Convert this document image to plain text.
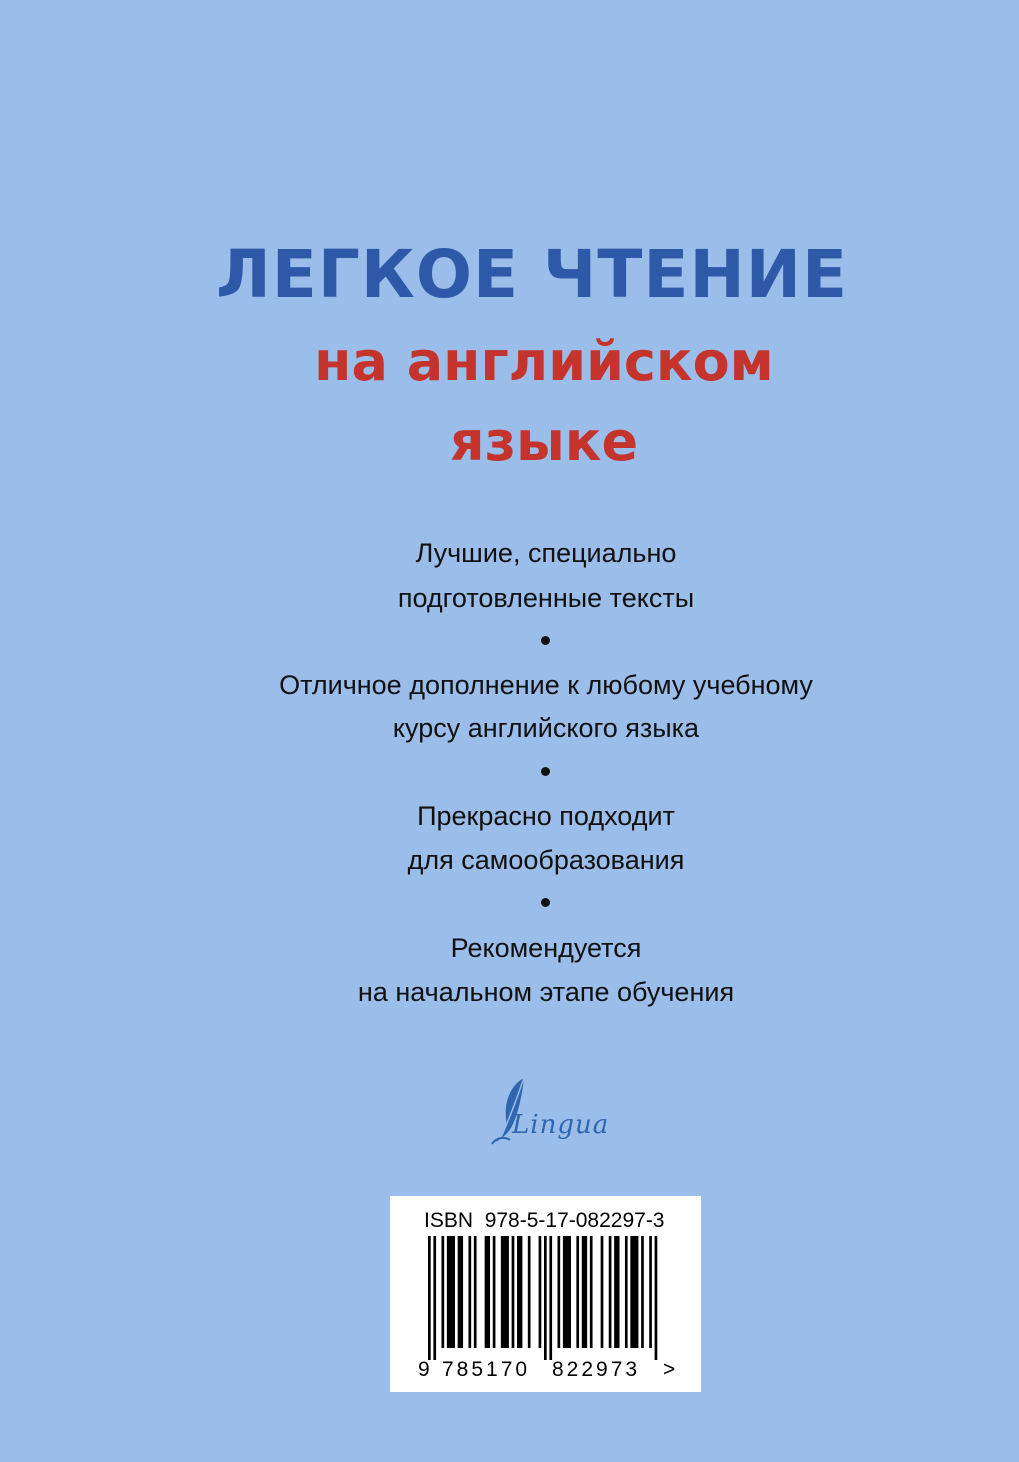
ЛЕГКОЕ ЧТЕНИЕ
на английском
языке
Лучшие, специально
подготовленные тексты
Отличное дополнение к любому учебному
курсу английского языка
Прекрасно подходит
для самообразования
Рекомендуется
на начальном этапе обучения
Lingua
ISBN 978-5-17-082297-3
9 785170 822973 >
